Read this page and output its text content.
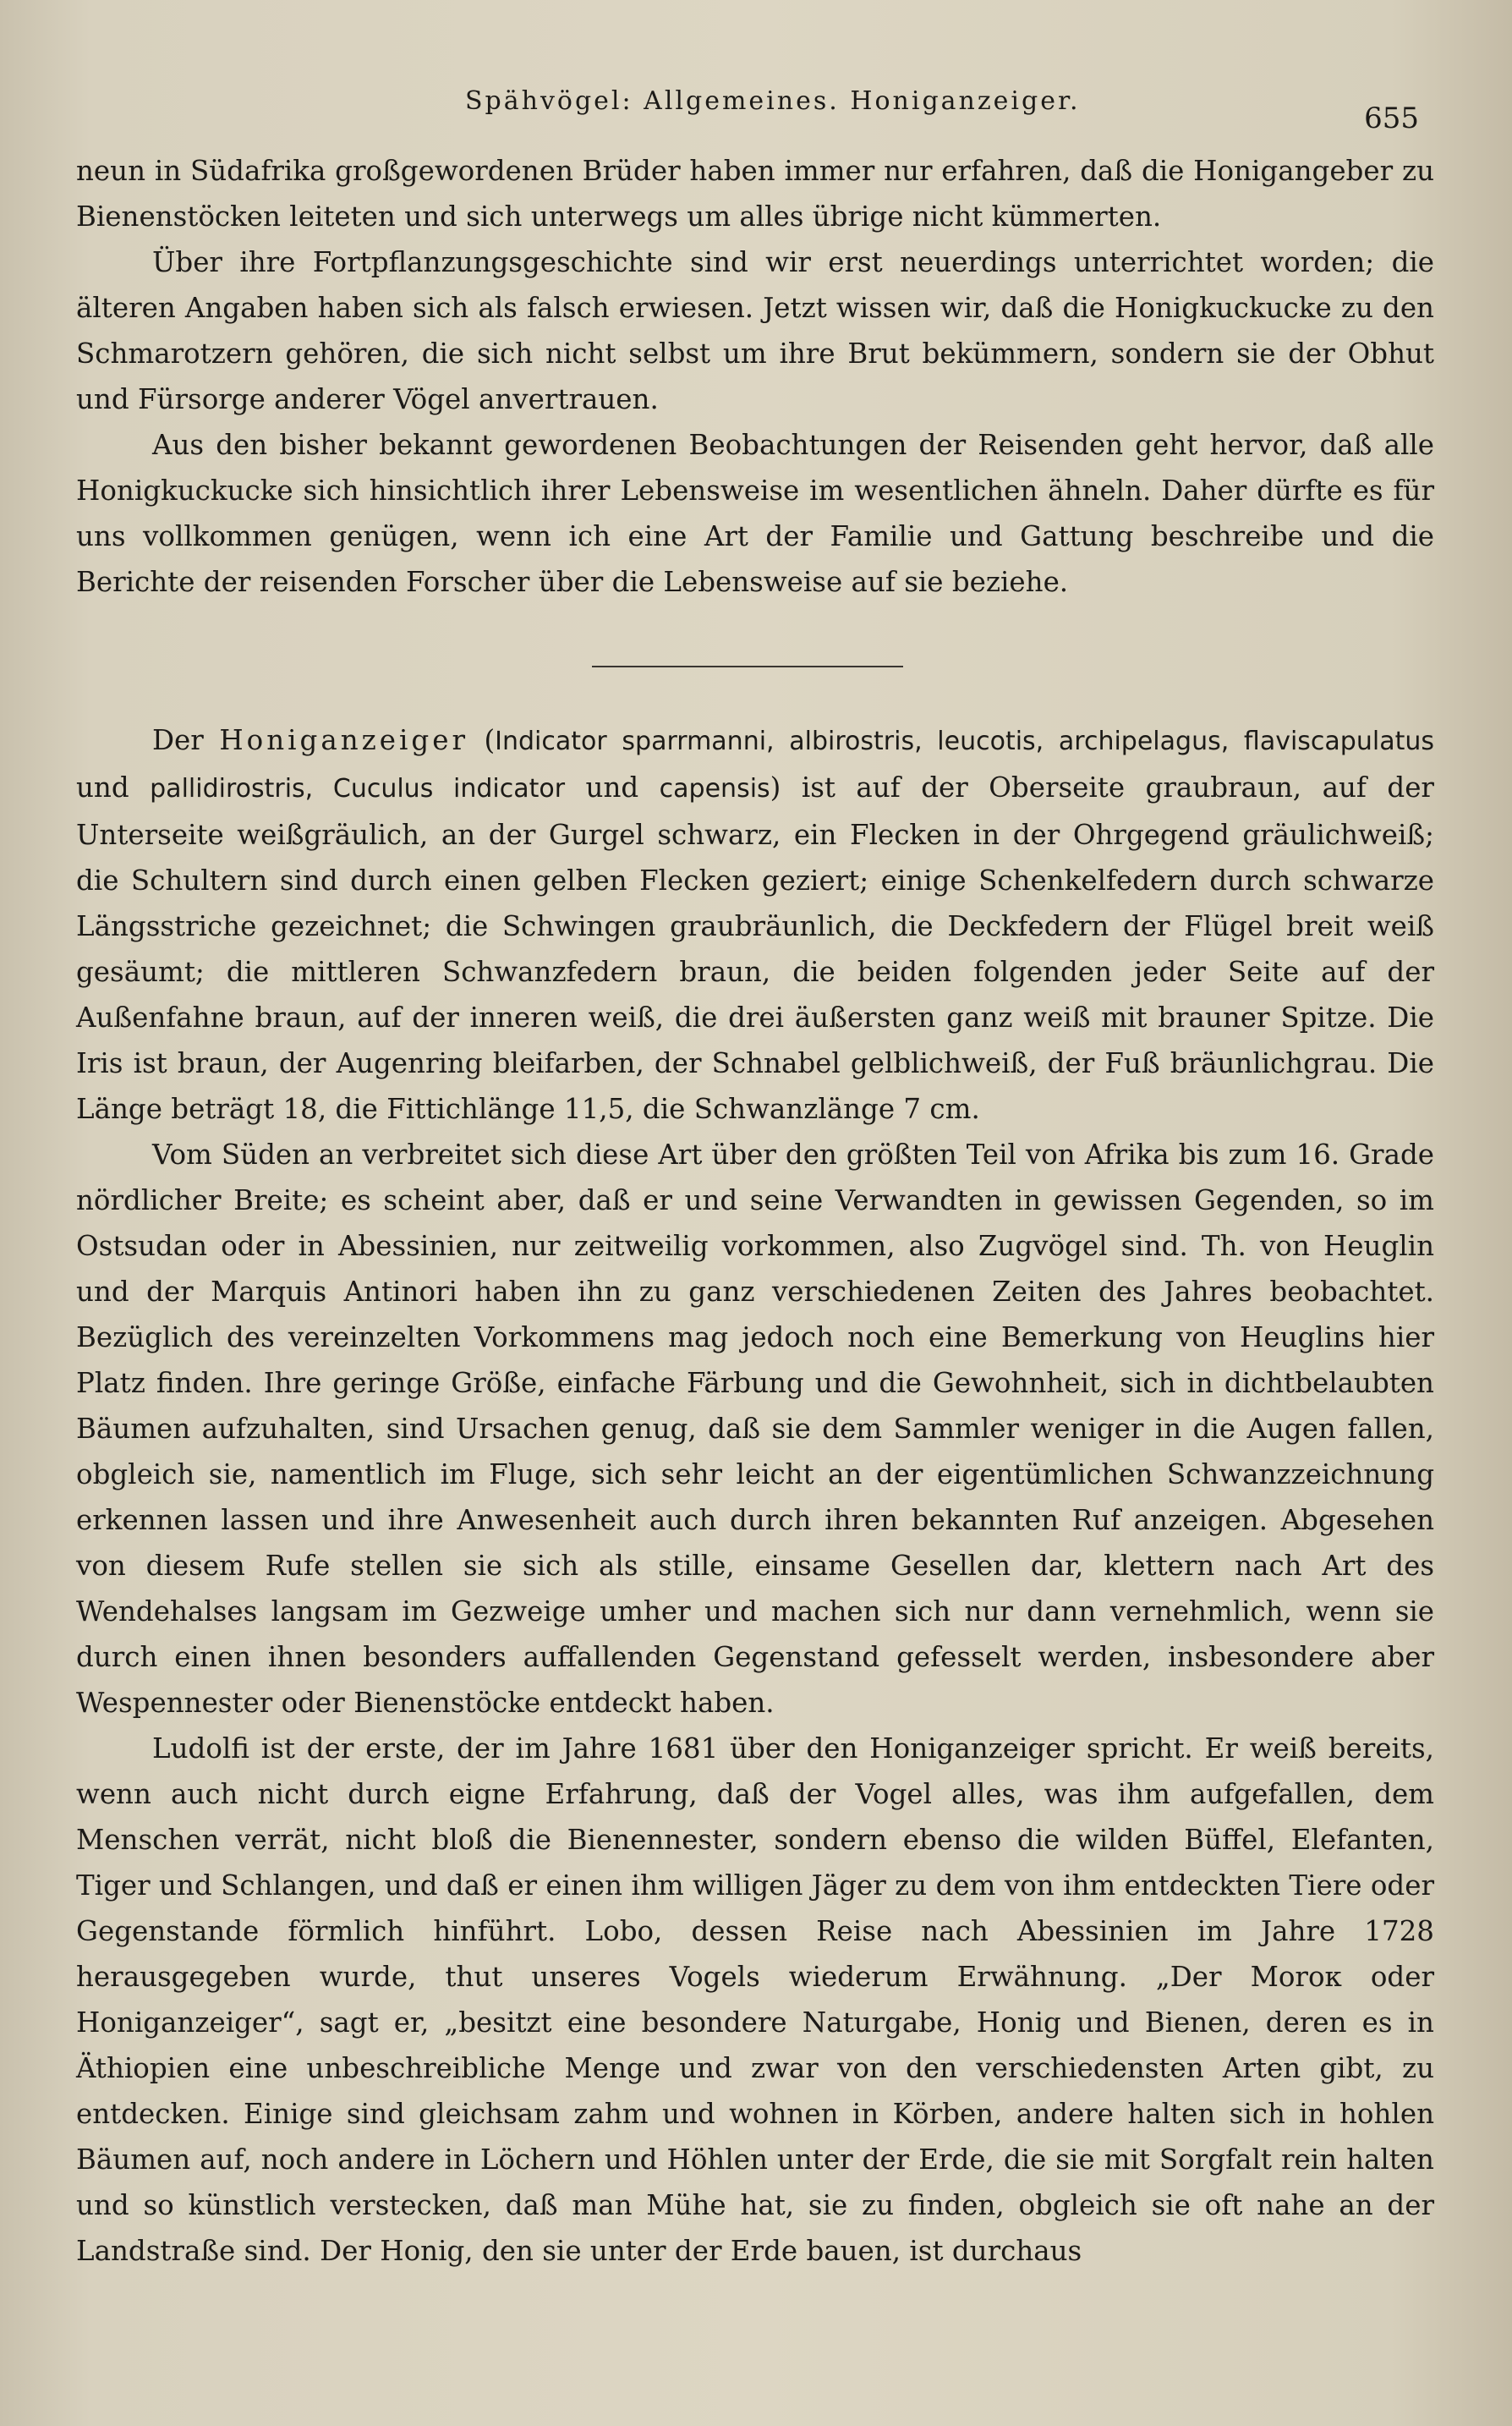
Spähvögel: Allgemeines. Honiganzeiger.
655

neun in Südafrika großgewordenen Brüder haben immer nur erfahren, daß die Honigangeber zu Bienenstöcken leiteten und sich unterwegs um alles übrige nicht kümmerten.

Über ihre Fortpflanzungsgeschichte sind wir erst neuerdings unterrichtet worden; die älteren Angaben haben sich als falsch erwiesen. Jetzt wissen wir, daß die Honigkuckucke zu den Schmarotzern gehören, die sich nicht selbst um ihre Brut bekümmern, sondern sie der Obhut und Fürsorge anderer Vögel anvertrauen.

Aus den bisher bekannt gewordenen Beobachtungen der Reisenden geht hervor, daß alle Honigkuckucke sich hinsichtlich ihrer Lebensweise im wesentlichen ähneln. Daher dürfte es für uns vollkommen genügen, wenn ich eine Art der Familie und Gattung beschreibe und die Berichte der reisenden Forscher über die Lebensweise auf sie beziehe.

Der Honiganzeiger (Indicator sparrmanni, albirostris, leucotis, archipelagus, flaviscapulatus und pallidirostris, Cuculus indicator und capensis) ist auf der Oberseite graubraun, auf der Unterseite weißgräulich, an der Gurgel schwarz, ein Flecken in der Ohrgegend gräulichweiß; die Schultern sind durch einen gelben Flecken geziert; einige Schenkelfedern durch schwarze Längsstriche gezeichnet; die Schwingen graubräunlich, die Deckfedern der Flügel breit weiß gesäumt; die mittleren Schwanzfedern braun, die beiden folgenden jeder Seite auf der Außenfahne braun, auf der inneren weiß, die drei äußersten ganz weiß mit brauner Spitze. Die Iris ist braun, der Augenring bleifarben, der Schnabel gelblichweiß, der Fuß bräunlichgrau. Die Länge beträgt 18, die Fittichlänge 11,5, die Schwanzlänge 7 cm.

Vom Süden an verbreitet sich diese Art über den größten Teil von Afrika bis zum 16. Grade nördlicher Breite; es scheint aber, daß er und seine Verwandten in gewissen Gegenden, so im Ostsudan oder in Abessinien, nur zeitweilig vorkommen, also Zugvögel sind. Th. von Heuglin und der Marquis Antinori haben ihn zu ganz verschiedenen Zeiten des Jahres beobachtet. Bezüglich des vereinzelten Vorkommens mag jedoch noch eine Bemerkung von Heuglins hier Platz finden. Ihre geringe Größe, einfache Färbung und die Gewohnheit, sich in dichtbelaubten Bäumen aufzuhalten, sind Ursachen genug, daß sie dem Sammler weniger in die Augen fallen, obgleich sie, namentlich im Fluge, sich sehr leicht an der eigentümlichen Schwanzzeichnung erkennen lassen und ihre Anwesenheit auch durch ihren bekannten Ruf anzeigen. Abgesehen von diesem Rufe stellen sie sich als stille, einsame Gesellen dar, klettern nach Art des Wendehalses langsam im Gezweige umher und machen sich nur dann vernehmlich, wenn sie durch einen ihnen besonders auffallenden Gegenstand gefesselt werden, insbesondere aber Wespennester oder Bienenstöcke entdeckt haben.

Ludolfi ist der erste, der im Jahre 1681 über den Honiganzeiger spricht. Er weiß bereits, wenn auch nicht durch eigne Erfahrung, daß der Vogel alles, was ihm aufgefallen, dem Menschen verrät, nicht bloß die Bienennester, sondern ebenso die wilden Büffel, Elefanten, Tiger und Schlangen, und daß er einen ihm willigen Jäger zu dem von ihm entdeckten Tiere oder Gegenstande förmlich hinführt. Lobo, dessen Reise nach Abessinien im Jahre 1728 herausgegeben wurde, thut unseres Vogels wiederum Erwähnung. „Der Moroк oder Honiganzeiger“, sagt er, „besitzt eine besondere Naturgabe, Honig und Bienen, deren es in Äthiopien eine unbeschreibliche Menge und zwar von den verschiedensten Arten gibt, zu entdecken. Einige sind gleichsam zahm und wohnen in Körben, andere halten sich in hohlen Bäumen auf, noch andere in Löchern und Höhlen unter der Erde, die sie mit Sorgfalt rein halten und so künstlich verstecken, daß man Mühe hat, sie zu finden, obgleich sie oft nahe an der Landstraße sind. Der Honig, den sie unter der Erde bauen, ist durchaus
